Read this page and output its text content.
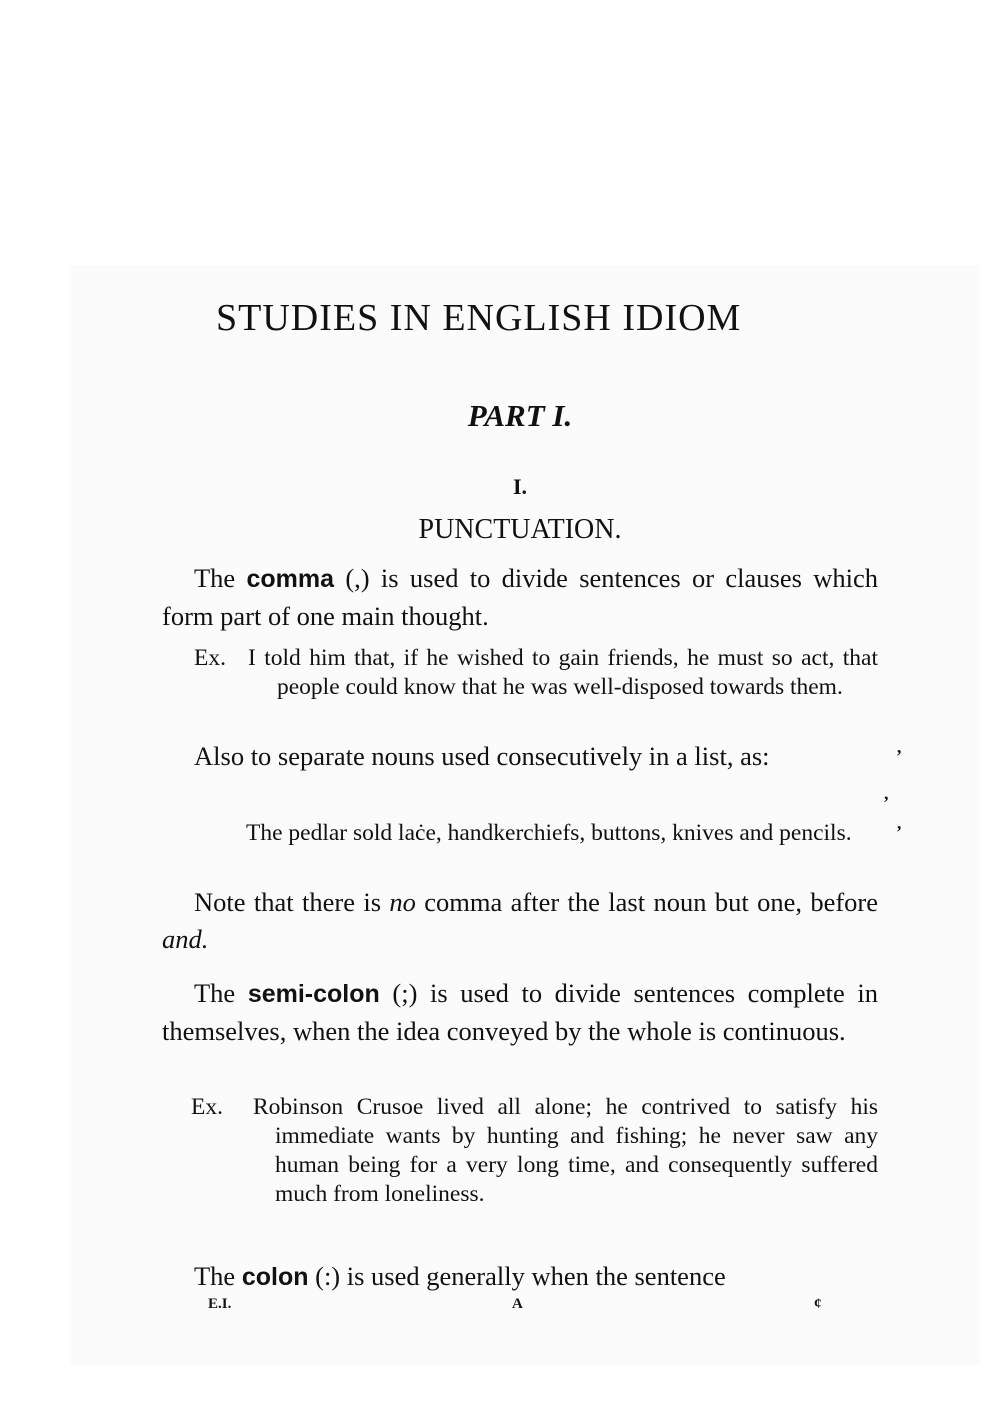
STUDIES IN ENGLISH IDIOM
PART I.
I.
PUNCTUATION.

The comma (,) is used to divide sentences or clauses which form part of one main thought.

Ex. I told him that, if he wished to gain friends, he must so act, that people could know that he was well-disposed towards them.

Also to separate nouns used consecutively in a list, as:

The pedlar sold laċe, handkerchiefs, buttons, knives and pencils.

Note that there is no comma after the last noun but one, before and.

The semi-colon (;) is used to divide sentences complete in themselves, when the idea conveyed by the whole is continuous.

Ex. Robinson Crusoe lived all alone; he contrived to satisfy his immediate wants by hunting and fishing; he never saw any human being for a very long time, and consequently suffered much from loneliness.

The colon (:) is used generally when the sentence

ʼ
,
ʼ
E.I.	A	¢
